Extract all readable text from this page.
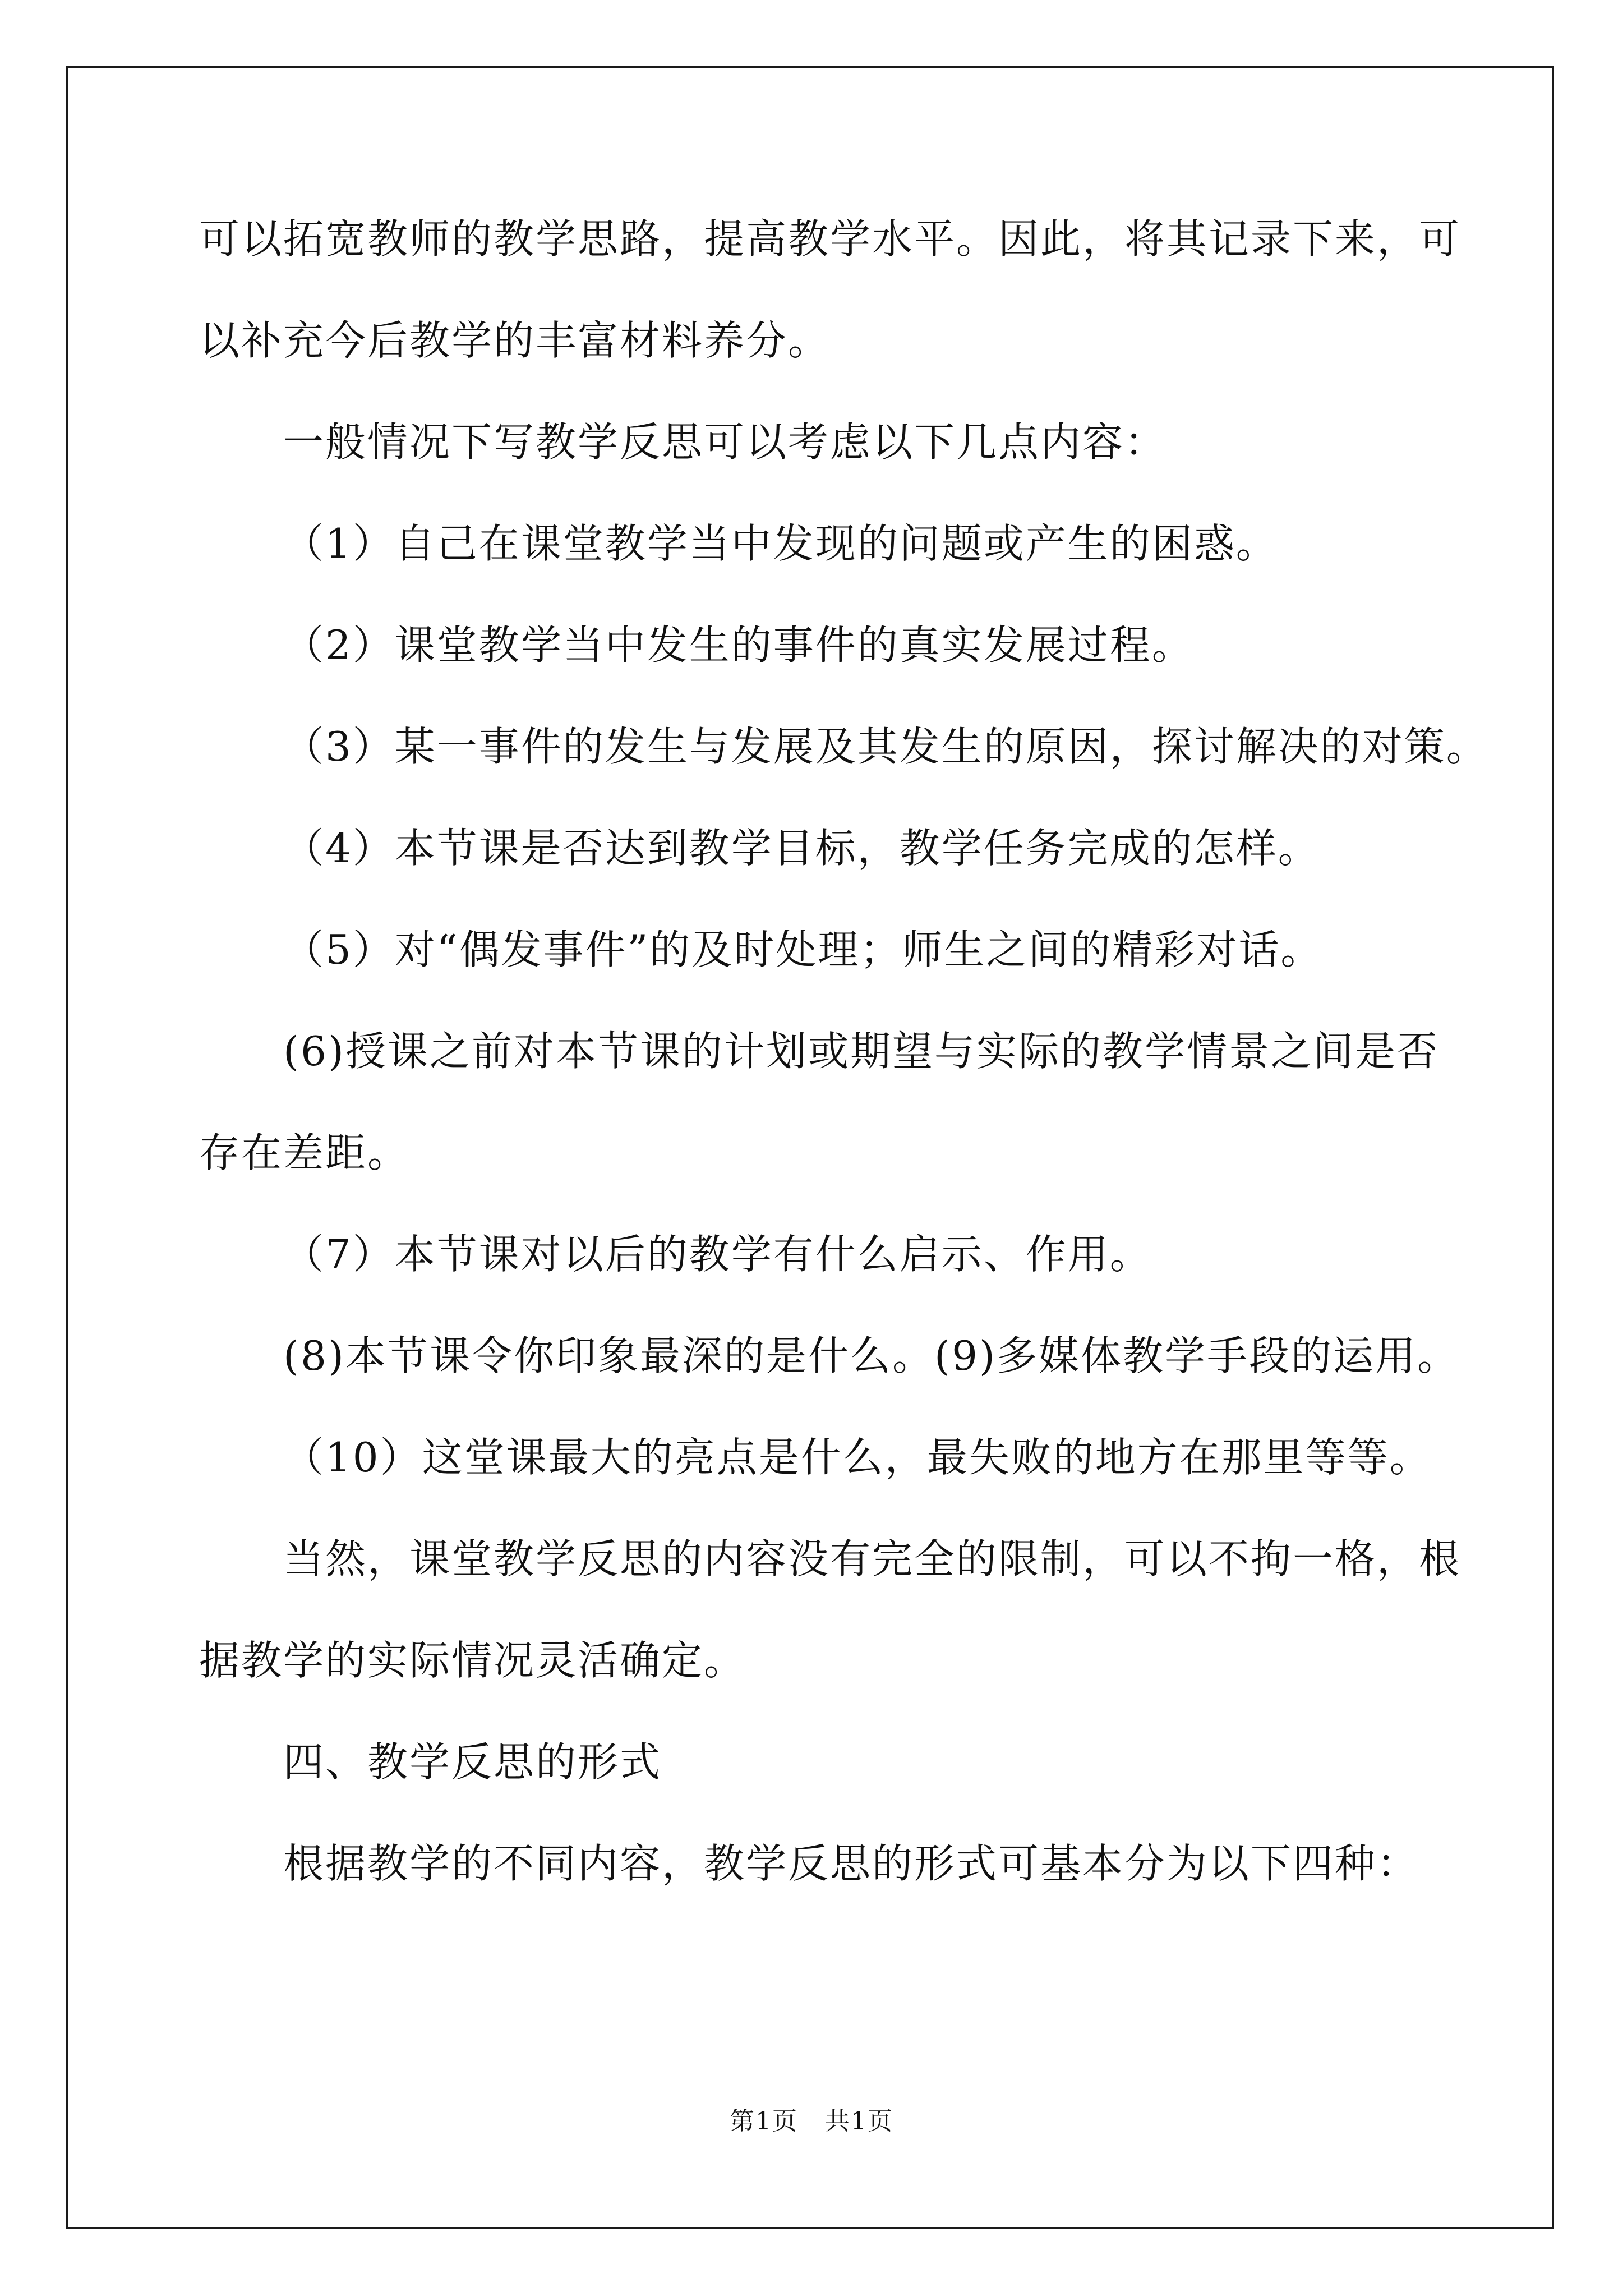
可以拓宽教师的教学思路，提高教学水平。因此，将其记录下来，可

以补充今后教学的丰富材料养分。

一般情况下写教学反思可以考虑以下几点内容：

（1）自己在课堂教学当中发现的问题或产生的困惑。

（2）课堂教学当中发生的事件的真实发展过程。

（3）某一事件的发生与发展及其发生的原因，探讨解决的对策。

（4）本节课是否达到教学目标，教学任务完成的怎样。

（5）对“偶发事件”的及时处理；师生之间的精彩对话。

(6)授课之前对本节课的计划或期望与实际的教学情景之间是否

存在差距。

（7）本节课对以后的教学有什么启示、作用。

(8)本节课令你印象最深的是什么。(9)多媒体教学手段的运用。

（10）这堂课最大的亮点是什么，最失败的地方在那里等等。

当然，课堂教学反思的内容没有完全的限制，可以不拘一格，根

据教学的实际情况灵活确定。

四、教学反思的形式

根据教学的不同内容，教学反思的形式可基本分为以下四种：

第1页 共1页
